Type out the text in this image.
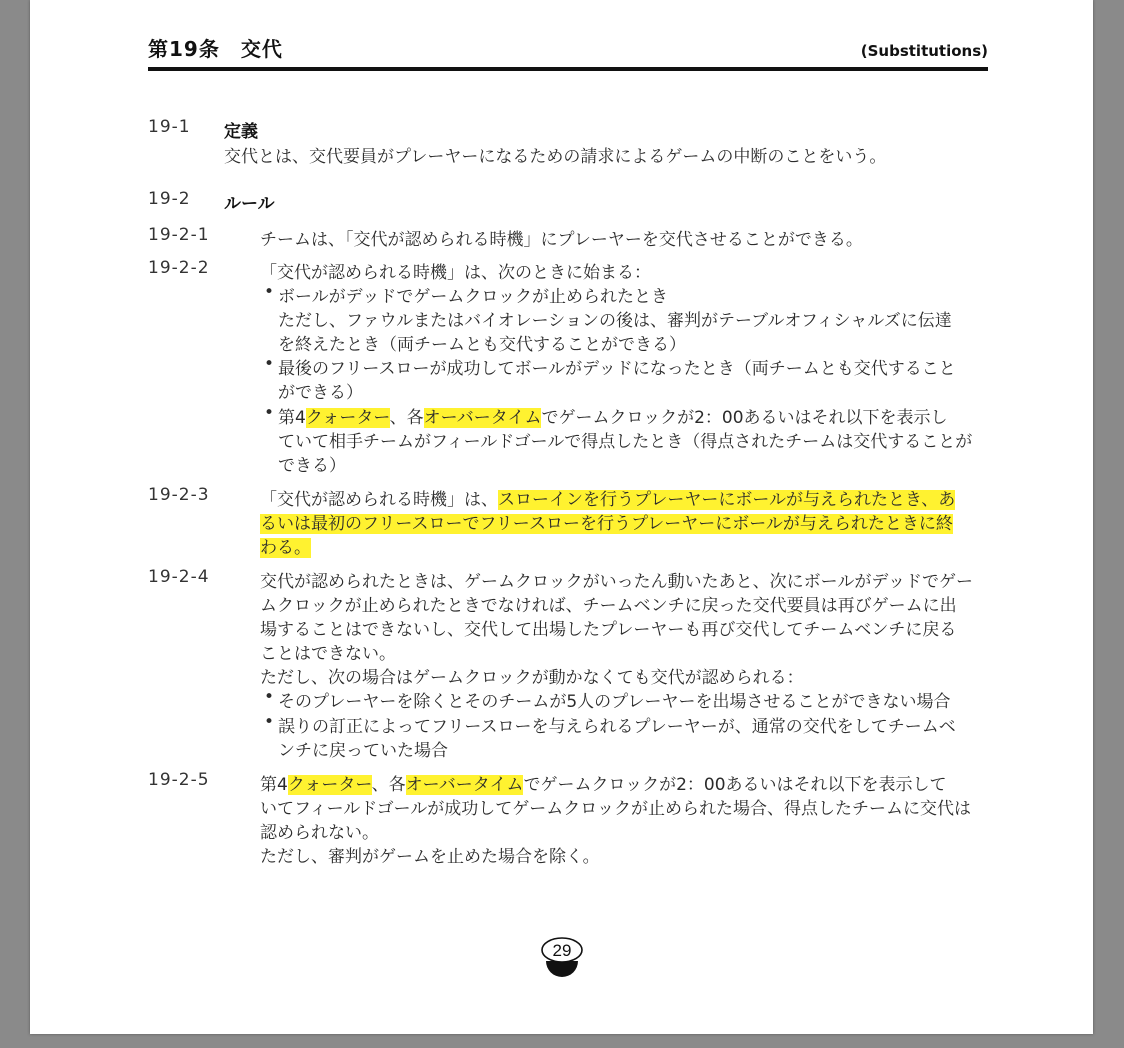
第19条　交代	(Substitutions)
19-1 定義
交代とは、交代要員がプレーヤーになるための請求によるゲームの中断のことをいう。
19-2 ルール
19-2-1	チームは、「交代が認められる時機」にプレーヤーを交代させることができる。
19-2-2	「交代が認められる時機」は、次のときに始まる：
• ボールがデッドでゲームクロックが止められたとき
ただし、ファウルまたはバイオレーションの後は、審判がテーブルオフィシャルズに伝達
を終えたとき（両チームとも交代することができる）
• 最後のフリースローが成功してボールがデッドになったとき（両チームとも交代すること
ができる）
• 第4クォーター、各オーバータイムでゲームクロックが2：00あるいはそれ以下を表示し
ていて相手チームがフィールドゴールで得点したとき（得点されたチームは交代することが
できる）
19-2-3	「交代が認められる時機」は、スローインを行うプレーヤーにボールが与えられたとき、あ
るいは最初のフリースローでフリースローを行うプレーヤーにボールが与えられたときに終
わる。
19-2-4	交代が認められたときは、ゲームクロックがいったん動いたあと、次にボールがデッドでゲー
ムクロックが止められたときでなければ、チームベンチに戻った交代要員は再びゲームに出
場することはできないし、交代して出場したプレーヤーも再び交代してチームベンチに戻る
ことはできない。
ただし、次の場合はゲームクロックが動かなくても交代が認められる：
• そのプレーヤーを除くとそのチームが5人のプレーヤーを出場させることができない場合
• 誤りの訂正によってフリースローを与えられるプレーヤーが、通常の交代をしてチームベ
ンチに戻っていた場合
19-2-5	第4クォーター、各オーバータイムでゲームクロックが2：00あるいはそれ以下を表示して
いてフィールドゴールが成功してゲームクロックが止められた場合、得点したチームに交代は
認められない。
ただし、審判がゲームを止めた場合を除く。
29
